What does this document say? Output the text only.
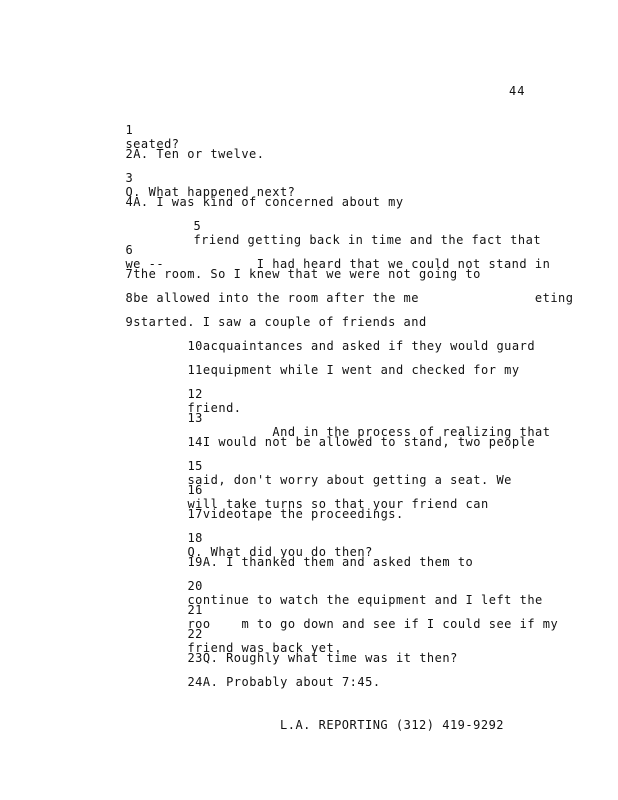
44

1
seated?

2A. Ten or twelve.

3
Q. What happened next?

4A. I was kind of concerned about my

5
friend getting back in time and the fact that

6
we --            I had heard that we could not stand in

7the room. So I knew that we were not going to

8be allowed into the room after the me               eting

9started. I saw a couple of friends and

10acquaintances and asked if they would guard

11equipment while I went and checked for my

12
friend.

13
And in the process of realizing that

14I would not be allowed to stand, two people

15
said, don't worry about getting a seat. We

16
will take turns so that your friend can

17videotape the proceedings.

18
Q. What did you do then?

19A. I thanked them and asked them to

20
continue to watch the equipment and I left the

21
roo    m to go down and see if I could see if my

22
friend was back yet.

23Q. Roughly what time was it then?

24A. Probably about 7:45.

L.A. REPORTING (312) 419-9292
